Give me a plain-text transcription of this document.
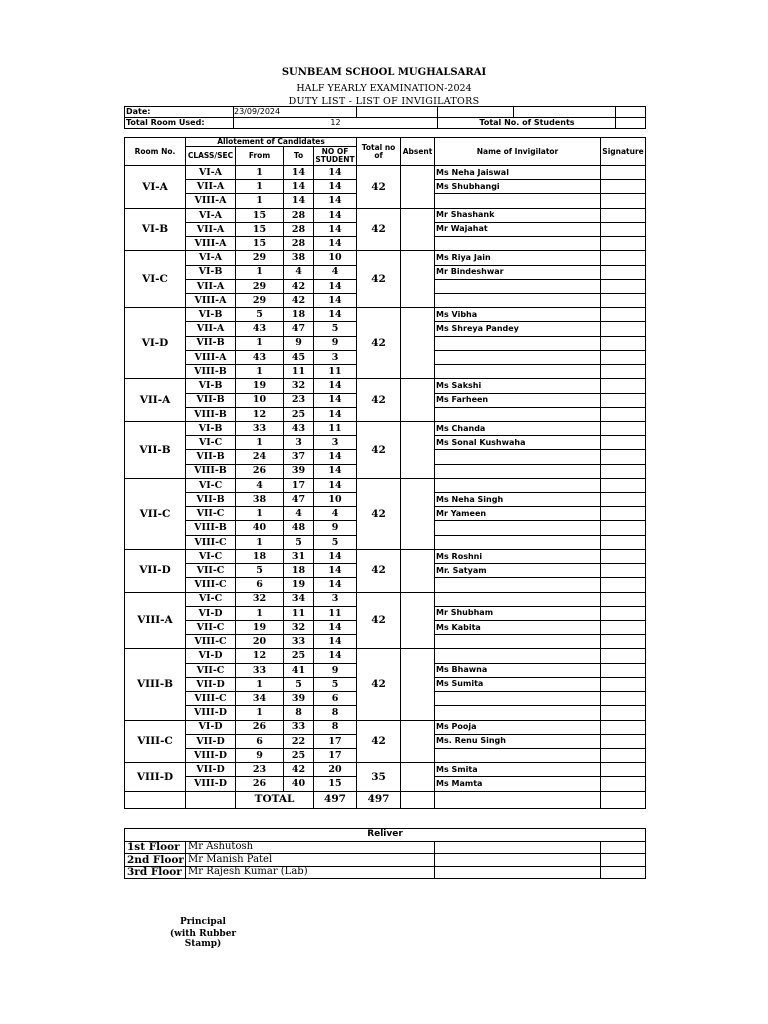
SUNBEAM SCHOOL MUGHALSARAI
HALF YEARLY EXAMINATION-2024
DUTY LIST - LIST OF INVIGILATORS
Date:	23/09/2024				
Total Room Used:	12		Total No. of Students		
Room No.	Allotement of Candidates				Total no of	Absent	Name of Invigilator	Signature
	CLASS/SEC	From	To	NO OF STUDENT				
VI-A	VI-A	1	14	14	42		Ms Neha Jaiswal	
	VII-A	1	14	14			Ms Shubhangi	
	VIII-A	1	14	14				
VI-B	VI-A	15	28	14	42		Mr Shashank	
	VII-A	15	28	14			Mr Wajahat	
	VIII-A	15	28	14				
VI-C	VI-A	29	38	10	42		Ms Riya Jain	
	VI-B	1	4	4			Mr Bindeshwar	
	VII-A	29	42	14				
	VIII-A	29	42	14				
VI-D	VI-B	5	18	14	42		Ms Vibha	
	VII-A	43	47	5			Ms Shreya Pandey	
	VII-B	1	9	9				
	VIII-A	43	45	3				
	VIII-B	1	11	11				
VII-A	VI-B	19	32	14	42		Ms Sakshi	
	VII-B	10	23	14			Ms Farheen	
	VIII-B	12	25	14				
VII-B	VI-B	33	43	11	42		Ms Chanda	
	VI-C	1	3	3			Ms Sonal Kushwaha	
	VII-B	24	37	14				
	VIII-B	26	39	14				
VII-C	VI-C	4	17	14	42			
	VII-B	38	47	10			Ms Neha Singh	
	VII-C	1	4	4			Mr Yameen	
	VIII-B	40	48	9				
	VIII-C	1	5	5				
VII-D	VI-C	18	31	14	42		Ms Roshni	
	VII-C	5	18	14			Mr. Satyam	
	VIII-C	6	19	14				
VIII-A	VI-C	32	34	3	42			
	VI-D	1	11	11			Mr Shubham	
	VII-C	19	32	14			Ms Kabita	
	VIII-C	20	33	14				
VIII-B	VI-D	12	25	14	42			
	VII-C	33	41	9			Ms Bhawna	
	VII-D	1	5	5			Ms Sumita	
	VIII-C	34	39	6				
	VIII-D	1	8	8				
VIII-C	VI-D	26	33	8	42		Ms Pooja	
	VII-D	6	22	17			Ms. Renu Singh	
	VIII-D	9	25	17				
VIII-D	VII-D	23	42	20	35		Ms Smita	
	VIII-D	26	40	15			Ms Mamta	
		TOTAL		497	497			
Reliver			
1st Floor	Mr Ashutosh		
2nd Floor	Mr Manish Patel		
3rd Floor	Mr Rajesh Kumar (Lab)		
Principal
(with Rubber Stamp)
